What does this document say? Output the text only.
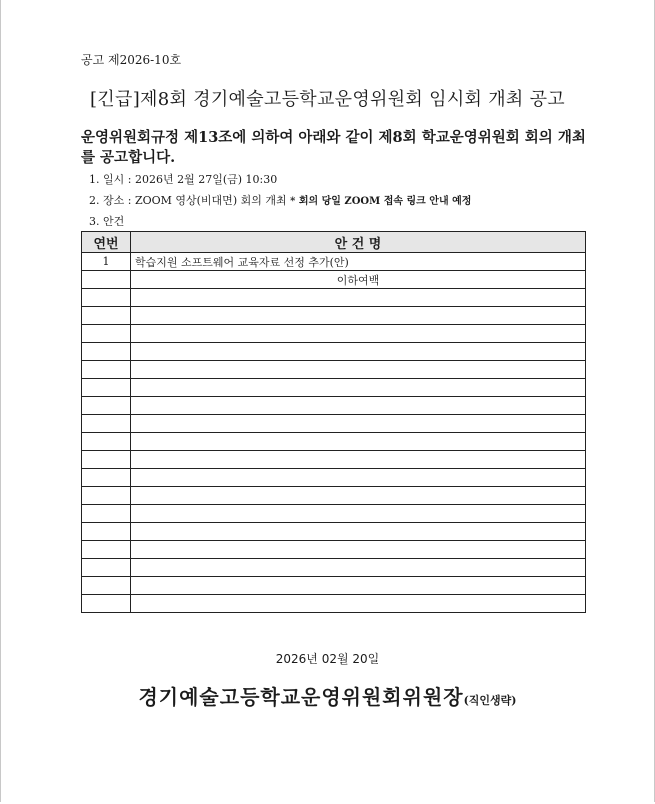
공고 제2026-10호
[긴급]제8회 경기예술고등학교운영위원회 임시회 개최 공고
운영위원회규정 제13조에 의하여 아래와 같이 제8회 학교운영위원회 회의 개최를 공고합니다.
1. 일시 : 2026년 2월 27일(금) 10:30
2. 장소 : ZOOM 영상(비대면) 회의 개최 * 회의 당일 ZOOM 접속 링크 안내 예정
3. 안건
연번	안 건 명
1	학습지원 소프트웨어 교육자료 선정 추가(안)
	이하여백

2026년 02월 20일
경기예술고등학교운영위원회위원장(직인생략)
